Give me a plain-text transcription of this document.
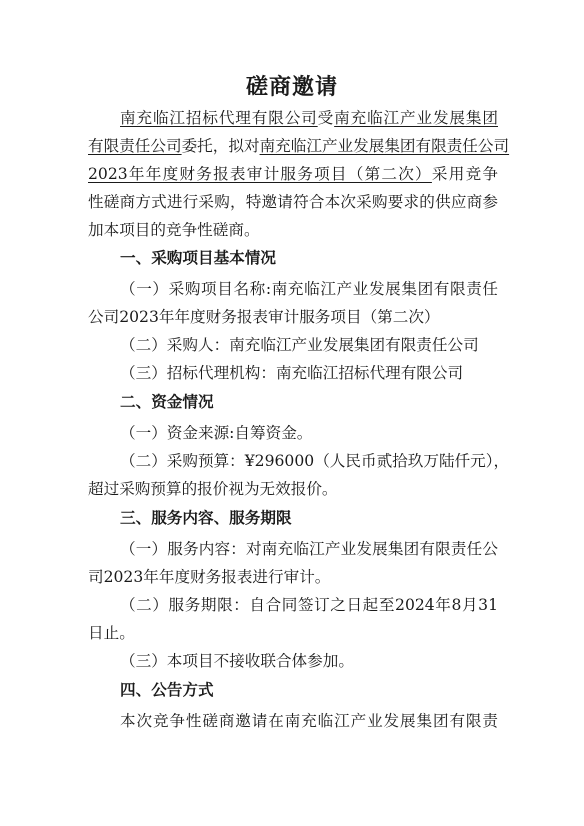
磋商邀请
南充临江招标代理有限公司受南充临江产业发展集团
有限责任公司委托，拟对南充临江产业发展集团有限责任公司
2023年年度财务报表审计服务项目（第二次）采用竞争
性磋商方式进行采购，特邀请符合本次采购要求的供应商参
加本项目的竞争性磋商。
一、采购项目基本情况
（一）采购项目名称:南充临江产业发展集团有限责任
公司2023年年度财务报表审计服务项目（第二次）
（二）采购人：南充临江产业发展集团有限责任公司
（三）招标代理机构：南充临江招标代理有限公司
二、资金情况
（一）资金来源:自筹资金。
（二）采购预算：¥296000（人民币贰拾玖万陆仟元），
超过采购预算的报价视为无效报价。
三、服务内容、服务期限
（一）服务内容：对南充临江产业发展集团有限责任公
司2023年年度财务报表进行审计。
（二）服务期限：自合同签订之日起至2024年8月31
日止。
（三）本项目不接收联合体参加。
四、公告方式
本次竞争性磋商邀请在南充临江产业发展集团有限责
